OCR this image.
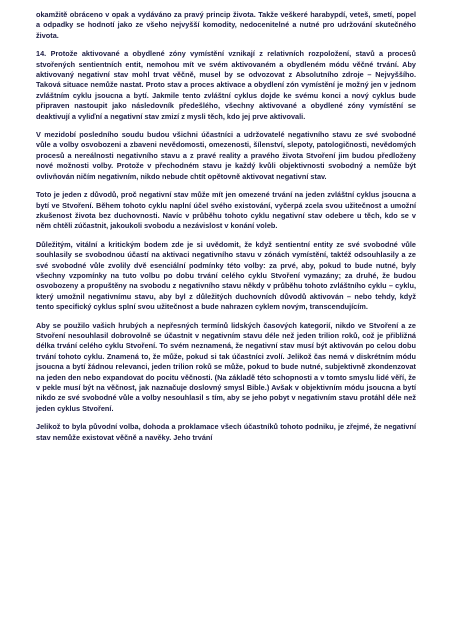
okamžitě obráceno v opak a vydáváno za pravý princip života. Takže veškeré harabурdí, veteš, smetí, popel a odpadky se hodnotí jako ze všeho nejvyšší komodity, nedocenitelné a nutné pro udržování skutečného života.

14. Protože aktivované a obydlené zóny vymístění vznikají z relativních rozpoložení, stavů a procesů stvořených sentientních entit, nemohou mít ve svém aktivovaném a obydleném módu věčné trvání. Aby aktivovaný negativní stav mohl trvat věčně, musel by se odvozovat z Absolutního zdroje – Nejvyššího. Taková situace nemůže nastat. Proto stav a proces aktivace a obydlení zón vymístění je možný jen v jednom zvláštním cyklu jsoucna a bytí. Jakmile tento zvláštní cyklus dojde ke svému konci a nový cyklus bude připraven nastoupit jako následovník předešlého, všechny aktivované a obydlené zóny vymístění se deaktivují a vyliďní a negativní stav zmizí z mysli těch, kdo jej prve aktivovali.

V mezidobí posledního soudu budou všichni účastníci a udržovatelé negativního stavu ze své svobodné vůle a volby osvobozeni a zbaveni nevědomosti, omezenosti, šílenství, slepoty, patologičnosti, nevědomých procesů a nereálnosti negativního stavu a z pravé reality a pravého života Stvoření jim budou předloženy nové možnosti volby. Protože v přechodném stavu je každý kvůli objektivnosti svobodný a nemůže být ovlivňován ničím negativním, nikdo nebude chtít opětovně aktivovat negativní stav.

Toto je jeden z důvodů, proč negativní stav může mít jen omezené trvání na jeden zvláštní cyklus jsoucna a bytí ve Stvoření. Během tohoto cyklu naplní účel svého existování, vyčerpá zcela svou užitečnost a umožní zkušenost života bez duchovnosti. Navíc v průběhu tohoto cyklu negativní stav odebere u těch, kdo se v něm chtěli zúčastnit, jakoukoli svobodu a nezávislost v konání voleb.

Důležitým, vitální a kritickým bodem zde je si uvědomit, že když sentientní entity ze své svobodné vůle souhlasily se svobodnou účastí na aktivaci negativního stavu v zónách vymístění, taktéž odsouhlasily a ze své svobodné vůle zvolily dvě esenciální podmínky této volby: za prvé, aby, pokud to bude nutné, byly všechny vzpomínky na tuto volbu po dobu trvání celého cyklu Stvoření vymazány; za druhé, že budou osvobozeny a propuštěny na svobodu z negativního stavu někdy v průběhu tohoto zvláštního cyklu – cyklu, který umožnil negativnímu stavu, aby byl z důležitých duchovních důvodů aktivován – nebo tehdy, když tento specifický cyklus splní svou užitečnost a bude nahrazen cyklem novým, transcendujícím.

Aby se použilo vašich hrubých a nepřesných termínů lidských časových kategorií, nikdo ve Stvoření a ze Stvoření nesouhlasil dobrovolně se účastnit v negativním stavu déle než jeden trilion roků, což je přibližná délka trvání celého cyklu Stvoření. To svém neznamená, že negativní stav musí být aktivován po celou dobu trvání tohoto cyklu. Znamená to, že může, pokud si tak účastníci zvolí. Jelikož čas nemá v diskrétním módu jsoucna a bytí žádnou relevanci, jeden trilion roků se může, pokud to bude nutné, subjektivně zkondenzovat na jeden den nebo expandovat do pocitu věčnosti. (Na základě této schopnosti a v tomto smyslu lidé věří, že v pekle musí být na věčnost, jak naznačuje doslovný smysl Bible.) Avšak v objektivním módu jsoucna a bytí nikdo ze své svobodné vůle a volby nesouhlasil s tím, aby se jeho pobyt v negativním stavu protáhl déle než jeden cyklus Stvoření.

Jelikož to byla původní volba, dohoda a proklamace všech účastníků tohoto podniku, je zřejmé, že negativní stav nemůže existovat věčně a navěky. Jeho trvání
